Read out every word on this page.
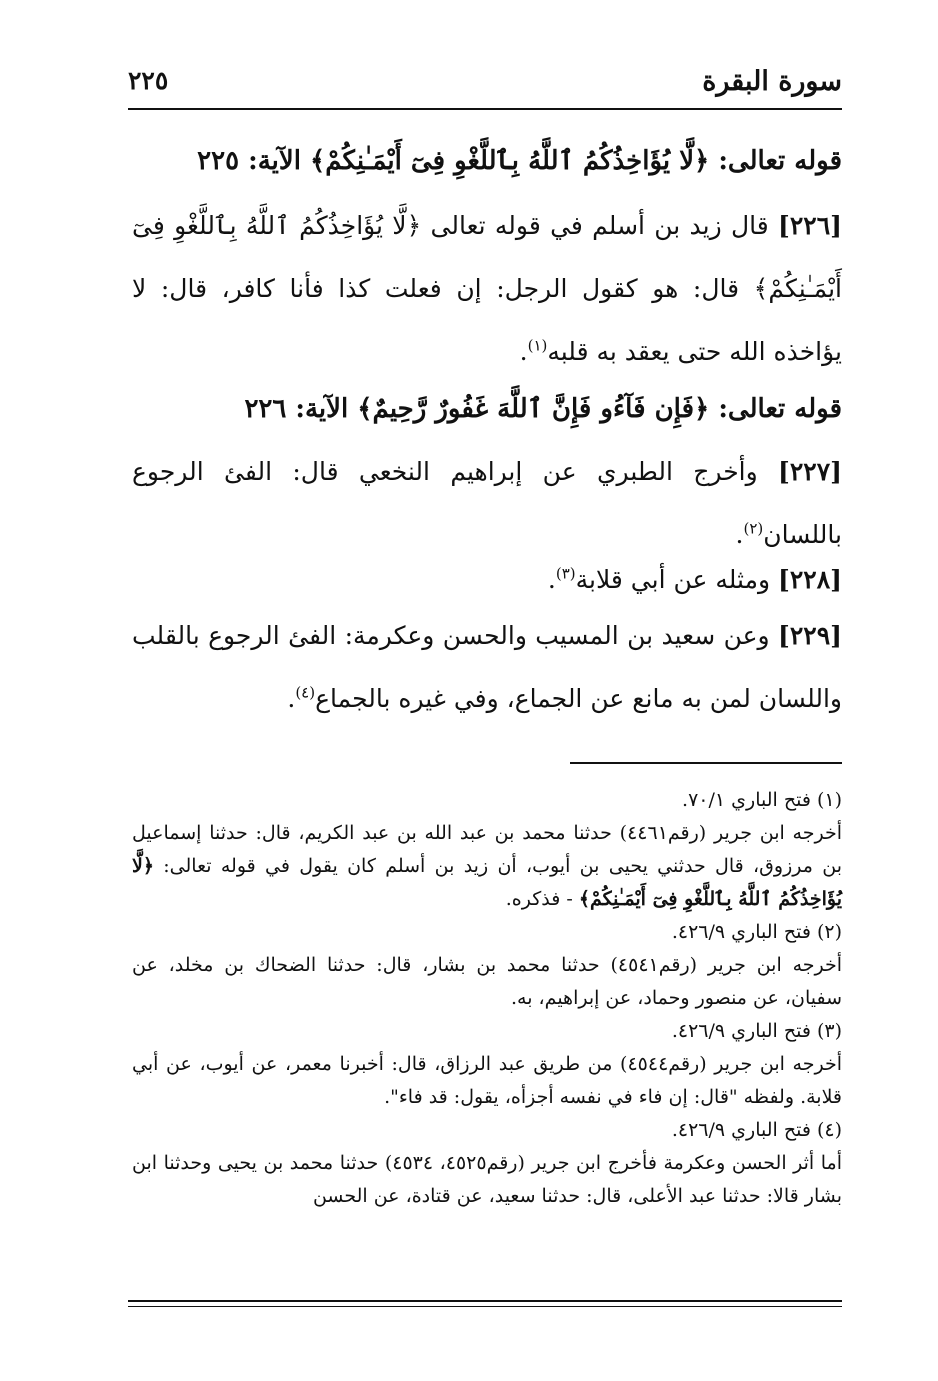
سورة البقرة
٢٢٥
قوله تعالى: ﴿لَّا يُؤَاخِذُكُمُ ٱللَّهُ بِٱللَّغْوِ فِىٓ أَيْمَـٰنِكُمْ﴾ الآية: ٢٢٥
[٢٢٦] قال زيد بن أسلم في قوله تعالى ﴿لَّا يُؤَاخِذُكُمُ ٱللَّهُ بِٱللَّغْوِ فِىٓ أَيْمَـٰنِكُمْ﴾ قال: هو كقول الرجل: إن فعلت كذا فأنا كافر، قال: لا يؤاخذه الله حتى يعقد به قلبه$^{(١)}$.
قوله تعالى: ﴿فَإِن فَآءُو فَإِنَّ ٱللَّهَ غَفُورٌ رَّحِيمٌ﴾ الآية: ٢٢٦
[٢٢٧] وأخرج الطبري عن إبراهيم النخعي قال: الفئ الرجوع باللسان$^{(٢)}$.
[٢٢٨] ومثله عن أبي قلابة$^{(٣)}$.
[٢٢٩] وعن سعيد بن المسيب والحسن وعكرمة: الفئ الرجوع بالقلب واللسان لمن به مانع عن الجماع، وفي غيره بالجماع$^{(٤)}$.

(١) فتح الباري ٧٠/١.

أخرجه ابن جرير (رقم٤٤٦١) حدثنا محمد بن عبد الله بن عبد الكريم، قال: حدثنا إسماعيل بن مرزوق، قال حدثني يحيى بن أيوب، أن زيد بن أسلم كان يقول في قوله تعالى: ﴿لَّا يُؤَاخِذُكُمُ ٱللَّهُ بِٱللَّغْوِ فِىٓ أَيْمَـٰنِكُمْ﴾ - فذكره.

(٢) فتح الباري ٤٢٦/٩.

أخرجه ابن جرير (رقم٤٥٤١) حدثنا محمد بن بشار، قال: حدثنا الضحاك بن مخلد، عن سفيان، عن منصور وحماد، عن إبراهيم، به.

(٣) فتح الباري ٤٢٦/٩.

أخرجه ابن جرير (رقم٤٥٤٤) من طريق عبد الرزاق، قال: أخبرنا معمر، عن أيوب، عن أبي قلابة. ولفظه "قال: إن فاء في نفسه أجزأه، يقول: قد فاء".

(٤) فتح الباري ٤٢٦/٩.

أما أثر الحسن وعكرمة فأخرج ابن جرير (رقم٤٥٢٥، ٤٥٣٤) حدثنا محمد بن يحيى وحدثنا ابن بشار قالا: حدثنا عبد الأعلى، قال: حدثنا سعيد، عن قتادة، عن الحسن
